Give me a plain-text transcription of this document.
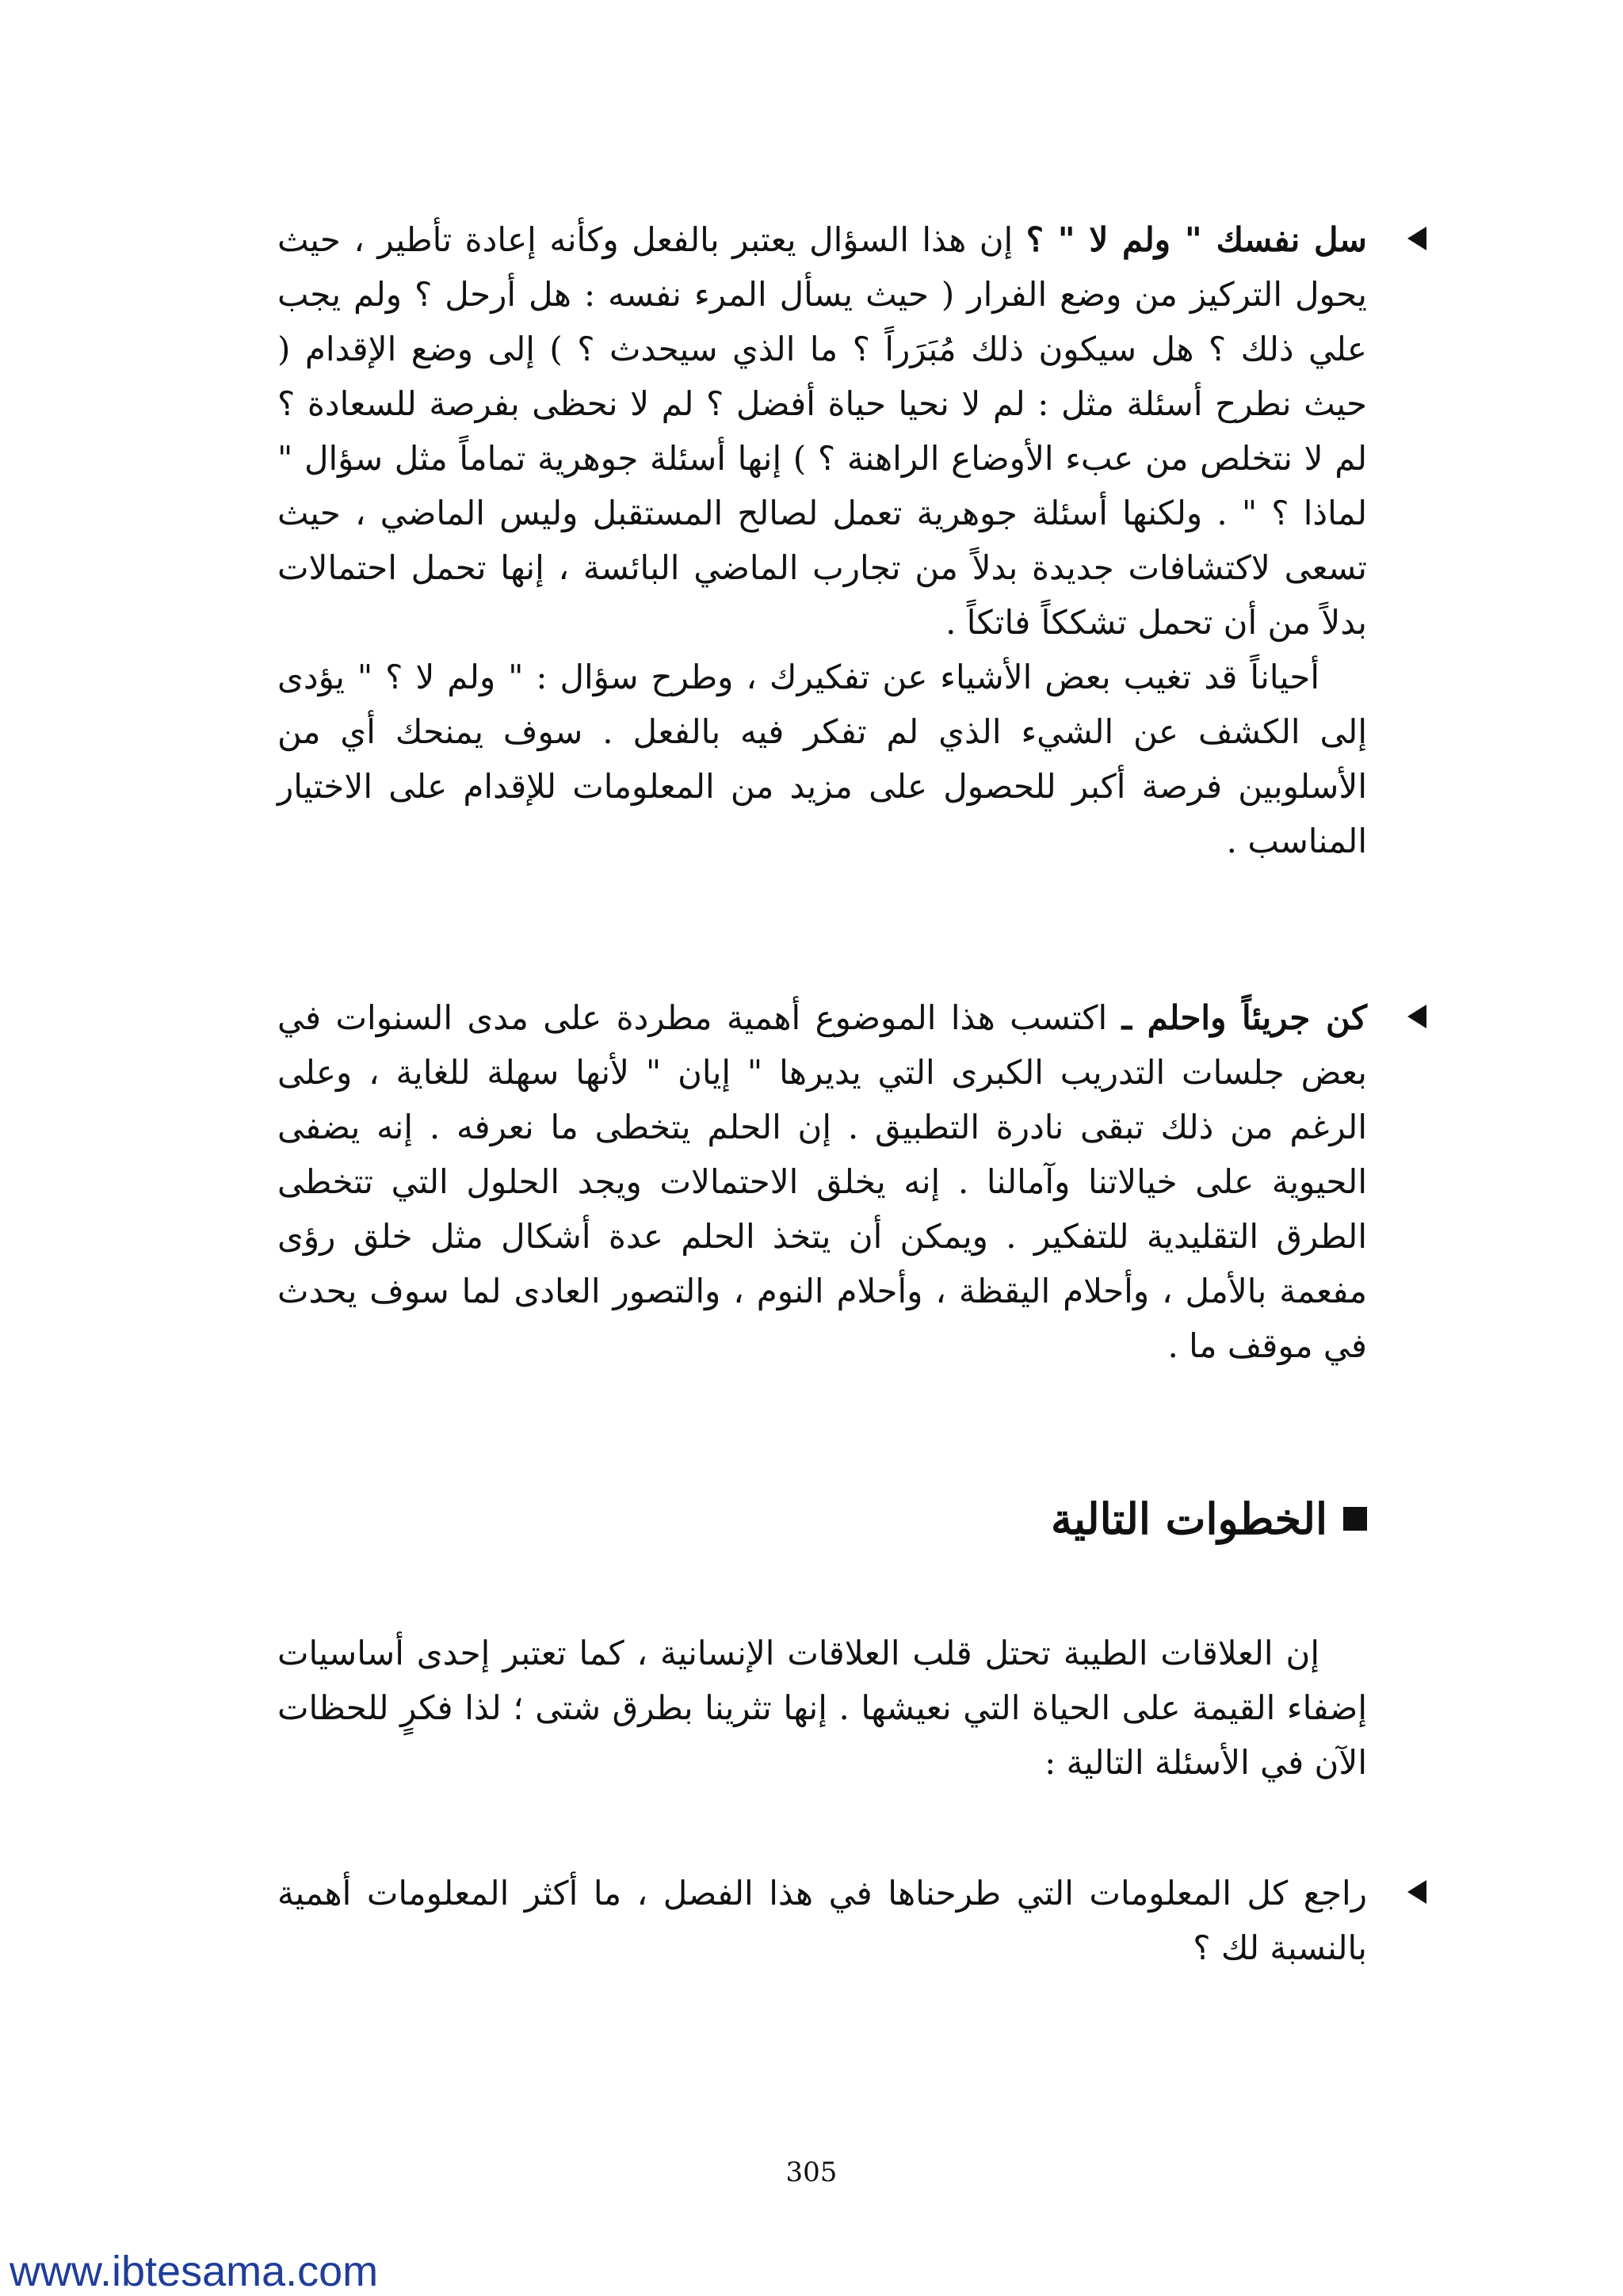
سل نفسك " ولم لا " ؟ إن هذا السؤال يعتبر بالفعل وكأنه إعادة تأطير ، حيث يحول التركيز من وضع الفرار ( حيث يسأل المرء نفسه : هل أرحل ؟ ولم يجب علي ذلك ؟ هل سيكون ذلك مُبَرَراً ؟ ما الذي سيحدث ؟ ) إلى وضع الإقدام ( حيث نطرح أسئلة مثل : لم لا نحيا حياة أفضل ؟ لم لا نحظى بفرصة للسعادة ؟ لم لا نتخلص من عبء الأوضاع الراهنة ؟ ) إنها أسئلة جوهرية تماماً مثل سؤال " لماذا ؟ " . ولكنها أسئلة جوهرية تعمل لصالح المستقبل وليس الماضي ، حيث تسعى لاكتشافات جديدة بدلاً من تجارب الماضي البائسة ، إنها تحمل احتمالات بدلاً من أن تحمل تشككاً فاتكاً .

أحياناً قد تغيب بعض الأشياء عن تفكيرك ، وطرح سؤال : " ولم لا ؟ " يؤدى إلى الكشف عن الشيء الذي لم تفكر فيه بالفعل . سوف يمنحك أي من الأسلوبين فرصة أكبر للحصول على مزيد من المعلومات للإقدام على الاختيار المناسب .

كن جريئاً واحلم ـ اكتسب هذا الموضوع أهمية مطردة على مدى السنوات في بعض جلسات التدريب الكبرى التي يديرها " إيان " لأنها سهلة للغاية ، وعلى الرغم من ذلك تبقى نادرة التطبيق . إن الحلم يتخطى ما نعرفه . إنه يضفى الحيوية على خيالاتنا وآمالنا . إنه يخلق الاحتمالات ويجد الحلول التي تتخطى الطرق التقليدية للتفكير . ويمكن أن يتخذ الحلم عدة أشكال مثل خلق رؤى مفعمة بالأمل ، وأحلام اليقظة ، وأحلام النوم ، والتصور العادى لما سوف يحدث في موقف ما .

الخطوات التالية

إن العلاقات الطيبة تحتل قلب العلاقات الإنسانية ، كما تعتبر إحدى أساسيات إضفاء القيمة على الحياة التي نعيشها . إنها تثرينا بطرق شتى ؛ لذا فكرٍ للحظات الآن في الأسئلة التالية :

راجع كل المعلومات التي طرحناها في هذا الفصل ، ما أكثر المعلومات أهمية بالنسبة لك ؟

305
www.ibtesama.com
